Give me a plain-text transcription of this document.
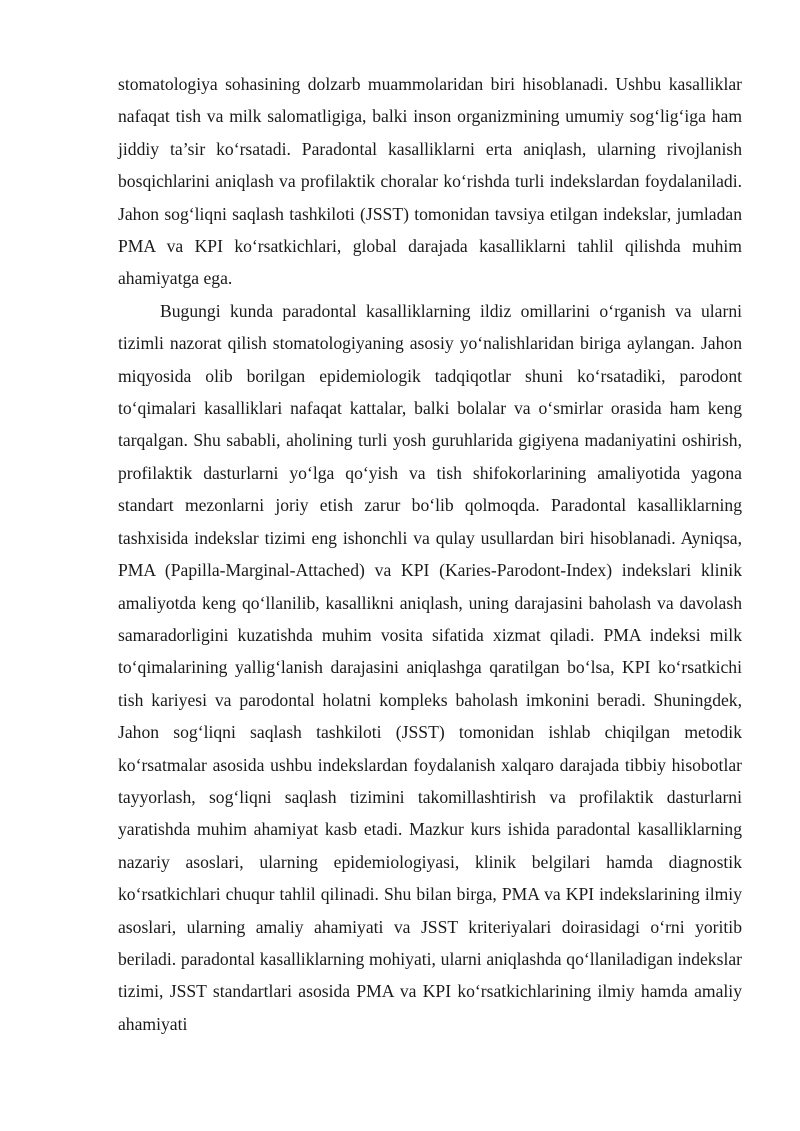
stomatologiya sohasining dolzarb muammolaridan biri hisoblanadi. Ushbu kasalliklar nafaqat tish va milk salomatligiga, balki inson organizmining umumiy sog‘lig‘iga ham jiddiy ta’sir ko‘rsatadi. Paradontal kasalliklarni erta aniqlash, ularning rivojlanish bosqichlarini aniqlash va profilaktik choralar ko‘rishda turli indekslardan foydalaniladi. Jahon sog‘liqni saqlash tashkiloti (JSST) tomonidan tavsiya etilgan indekslar, jumladan PMA va KPI ko‘rsatkichlari, global darajada kasalliklarni tahlil qilishda muhim ahamiyatga ega.

Bugungi kunda paradontal kasalliklarning ildiz omillarini o‘rganish va ularni tizimli nazorat qilish stomatologiyaning asosiy yo‘nalishlaridan biriga aylangan. Jahon miqyosida olib borilgan epidemiologik tadqiqotlar shuni ko‘rsatadiki, parodont to‘qimalari kasalliklari nafaqat kattalar, balki bolalar va o‘smirlar orasida ham keng tarqalgan. Shu sababli, aholining turli yosh guruhlarida gigiyena madaniyatini oshirish, profilaktik dasturlarni yo‘lga qo‘yish va tish shifokorlarining amaliyotida yagona standart mezonlarni joriy etish zarur bo‘lib qolmoqda. Paradontal kasalliklarning tashxisida indekslar tizimi eng ishonchli va qulay usullardan biri hisoblanadi. Ayniqsa, PMA (Papilla-Marginal-Attached) va KPI (Karies-Parodont-Index) indekslari klinik amaliyotda keng qo‘llanilib, kasallikni aniqlash, uning darajasini baholash va davolash samaradorligini kuzatishda muhim vosita sifatida xizmat qiladi. PMA indeksi milk to‘qimalarining yallig‘lanish darajasini aniqlashga qaratilgan bo‘lsa, KPI ko‘rsatkichi tish kariyesi va parodontal holatni kompleks baholash imkonini beradi. Shuningdek, Jahon sog‘liqni saqlash tashkiloti (JSST) tomonidan ishlab chiqilgan metodik ko‘rsatmalar asosida ushbu indekslardan foydalanish xalqaro darajada tibbiy hisobotlar tayyorlash, sog‘liqni saqlash tizimini takomillashtirish va profilaktik dasturlarni yaratishda muhim ahamiyat kasb etadi. Mazkur kurs ishida paradontal kasalliklarning nazariy asoslari, ularning epidemiologiyasi, klinik belgilari hamda diagnostik ko‘rsatkichlari chuqur tahlil qilinadi. Shu bilan birga, PMA va KPI indekslarining ilmiy asoslari, ularning amaliy ahamiyati va JSST kriteriyalari doirasidagi o‘rni yoritib beriladi. paradontal kasalliklarning mohiyati, ularni aniqlashda qo‘llaniladigan indekslar tizimi, JSST standartlari asosida PMA va KPI ko‘rsatkichlarining ilmiy hamda amaliy ahamiyati
